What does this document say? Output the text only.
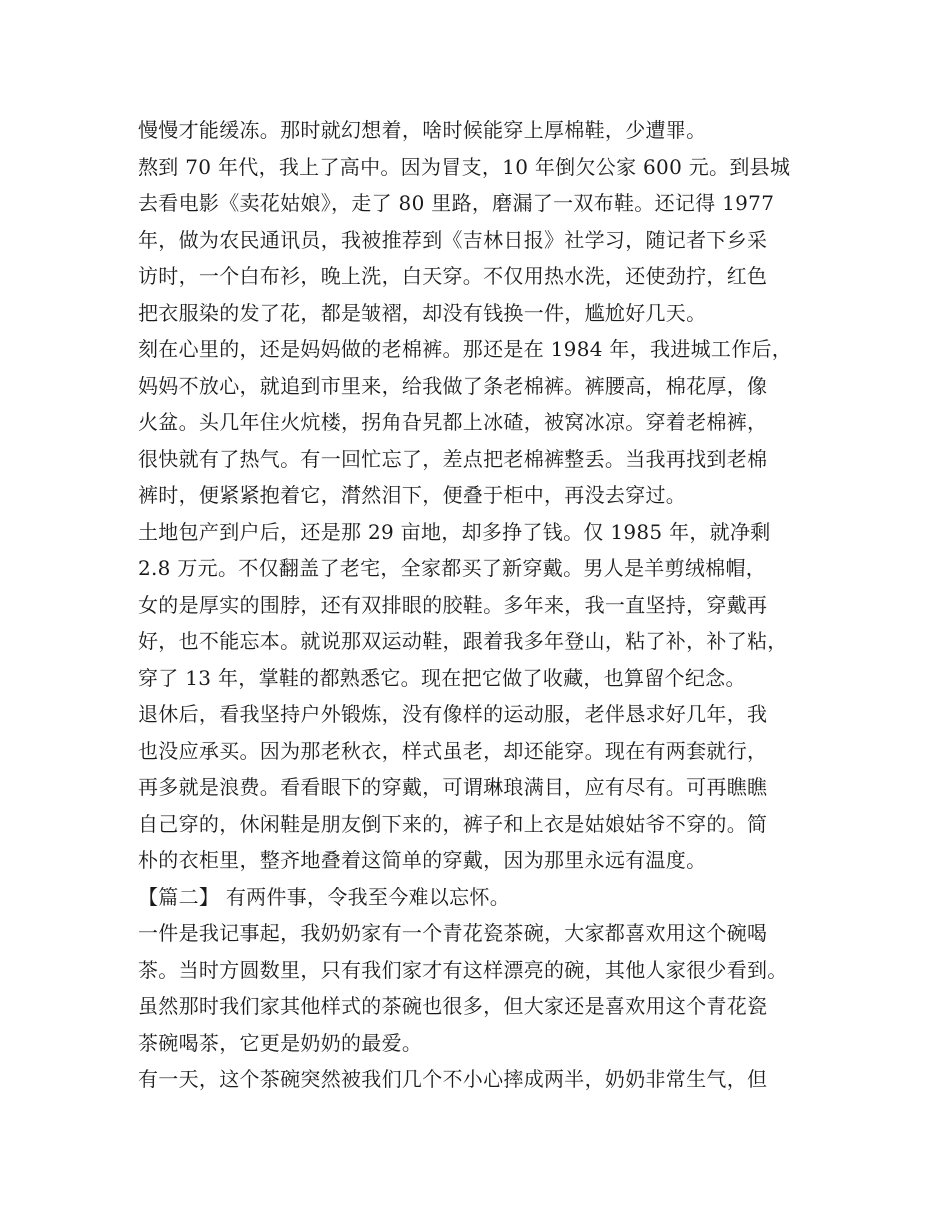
慢慢才能缓冻。那时就幻想着，啥时候能穿上厚棉鞋，少遭罪。
熬到 70 年代，我上了高中。因为冒支，10 年倒欠公家 600 元。到县城
去看电影《卖花姑娘》，走了 80 里路，磨漏了一双布鞋。还记得 1977
年，做为农民通讯员，我被推荐到《吉林日报》社学习，随记者下乡采
访时，一个白布衫，晚上洗，白天穿。不仅用热水洗，还使劲拧，红色
把衣服染的发了花，都是皱褶，却没有钱换一件，尴尬好几天。
刻在心里的，还是妈妈做的老棉裤。那还是在 1984 年，我进城工作后，
妈妈不放心，就追到市里来，给我做了条老棉裤。裤腰高，棉花厚，像
火盆。头几年住火炕楼，拐角旮旯都上冰碴，被窝冰凉。穿着老棉裤，
很快就有了热气。有一回忙忘了，差点把老棉裤整丢。当我再找到老棉
裤时，便紧紧抱着它，潸然泪下，便叠于柜中，再没去穿过。
土地包产到户后，还是那 29 亩地，却多挣了钱。仅 1985 年，就净剩
2.8 万元。不仅翻盖了老宅，全家都买了新穿戴。男人是羊剪绒棉帽，
女的是厚实的围脖，还有双排眼的胶鞋。多年来，我一直坚持，穿戴再
好，也不能忘本。就说那双运动鞋，跟着我多年登山，粘了补，补了粘，
穿了 13 年，掌鞋的都熟悉它。现在把它做了收藏，也算留个纪念。
退休后，看我坚持户外锻炼，没有像样的运动服，老伴恳求好几年，我
也没应承买。因为那老秋衣，样式虽老，却还能穿。现在有两套就行，
再多就是浪费。看看眼下的穿戴，可谓琳琅满目，应有尽有。可再瞧瞧
自己穿的，休闲鞋是朋友倒下来的，裤子和上衣是姑娘姑爷不穿的。简
朴的衣柜里，整齐地叠着这简单的穿戴，因为那里永远有温度。
【篇二】 有两件事，令我至今难以忘怀。
一件是我记事起，我奶奶家有一个青花瓷茶碗，大家都喜欢用这个碗喝
茶。当时方圆数里，只有我们家才有这样漂亮的碗，其他人家很少看到。
虽然那时我们家其他样式的茶碗也很多，但大家还是喜欢用这个青花瓷
茶碗喝茶，它更是奶奶的最爱。
有一天，这个茶碗突然被我们几个不小心摔成两半，奶奶非常生气，但
